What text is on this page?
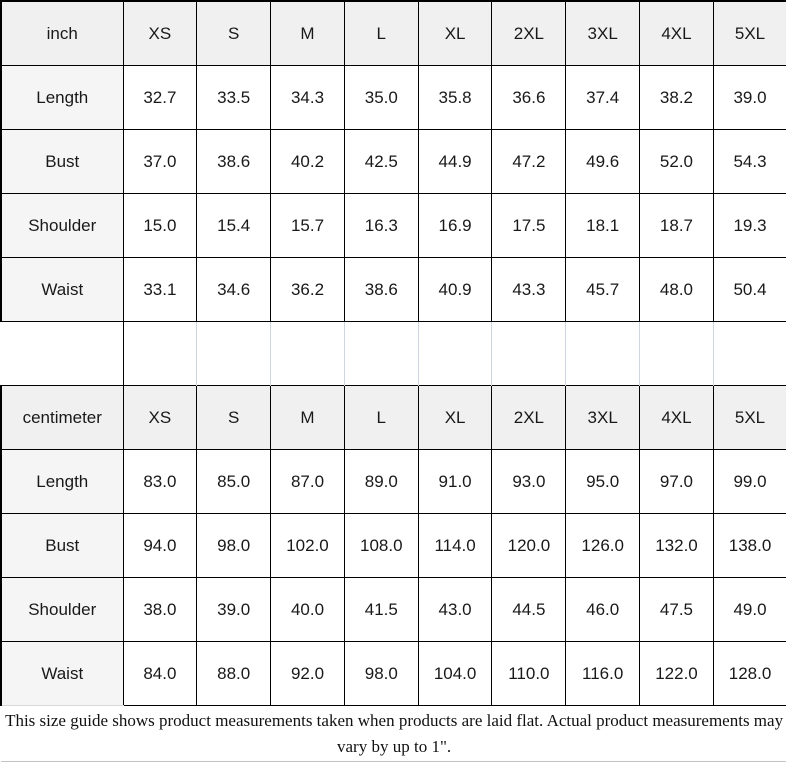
inch	XS	S	M	L	XL	2XL	3XL	4XL	5XL
Length	32.7	33.5	34.3	35.0	35.8	36.6	37.4	38.2	39.0
Bust	37.0	38.6	40.2	42.5	44.9	47.2	49.6	52.0	54.3
Shoulder	15.0	15.4	15.7	16.3	16.9	17.5	18.1	18.7	19.3
Waist	33.1	34.6	36.2	38.6	40.9	43.3	45.7	48.0	50.4

centimeter	XS	S	M	L	XL	2XL	3XL	4XL	5XL
Length	83.0	85.0	87.0	89.0	91.0	93.0	95.0	97.0	99.0
Bust	94.0	98.0	102.0	108.0	114.0	120.0	126.0	132.0	138.0
Shoulder	38.0	39.0	40.0	41.5	43.0	44.5	46.0	47.5	49.0
Waist	84.0	88.0	92.0	98.0	104.0	110.0	116.0	122.0	128.0
This size guide shows product measurements taken when products are laid flat. Actual product measurements may vary by up to 1".									
